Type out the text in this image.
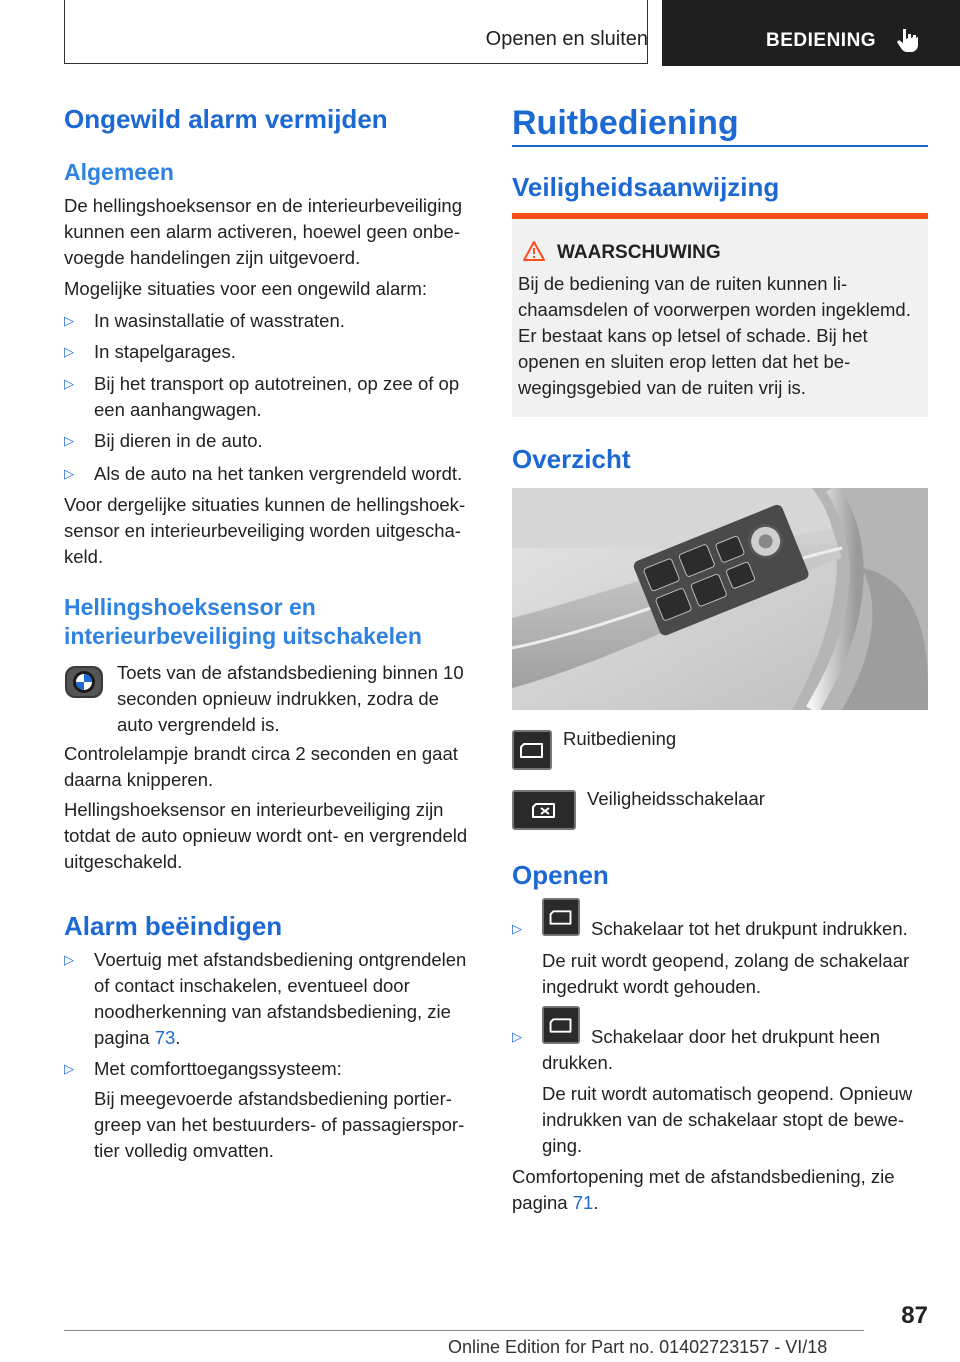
Openen en sluiten	BEDIENING
Ongewild alarm vermijden
Algemeen
De hellingshoeksensor en de interieurbeveiliging kunnen een alarm activeren, hoewel geen onbevoegde handelingen zijn uitgevoerd.
Mogelijke situaties voor een ongewild alarm:
▷ In wasinstallatie of wasstraten.
▷ In stapelgarages.
▷ Bij het transport op autotreinen, op zee of op een aanhangwagen.
▷ Bij dieren in de auto.
▷ Als de auto na het tanken vergrendeld wordt.
Voor dergelijke situaties kunnen de hellingshoeksensor en interieurbeveiliging worden uitgeschakeld.
Hellingshoeksensor en interieurbeveiliging uitschakelen
Toets van de afstandsbediening binnen 10 seconden opnieuw indrukken, zodra de auto vergrendeld is.
Controlelampje brandt circa 2 seconden en gaat daarna knipperen.
Hellingshoeksensor en interieurbeveiliging zijn totdat de auto opnieuw wordt ont- en vergrendeld uitgeschakeld.
Alarm beëindigen
▷ Voertuig met afstandsbediening ontgrendelen of contact inschakelen, eventueel door noodherkenning van afstandsbediening, zie pagina 73.
▷ Met comforttoegangssysteem:
Bij meegevoerde afstandsbediening portiergreep van het bestuurders- of passagiersportier volledig omvatten.
Ruitbediening
Veiligheidsaanwijzing
WAARSCHUWING
Bij de bediening van de ruiten kunnen lichaamsdelen of voorwerpen worden ingeklemd. Er bestaat kans op letsel of schade. Bij het openen en sluiten erop letten dat het bewegingsgebied van de ruiten vrij is.
Overzicht
Ruitbediening
Veiligheidsschakelaar
Openen
▷	Schakelaar tot het drukpunt indrukken.
De ruit wordt geopend, zolang de schakelaar ingedrukt wordt gehouden.
▷	Schakelaar door het drukpunt heen drukken.
De ruit wordt automatisch geopend. Opnieuw indrukken van de schakelaar stopt de beweging.
Comfortopening met de afstandsbediening, zie pagina 71.
87
Online Edition for Part no. 01402723157 - VI/18
